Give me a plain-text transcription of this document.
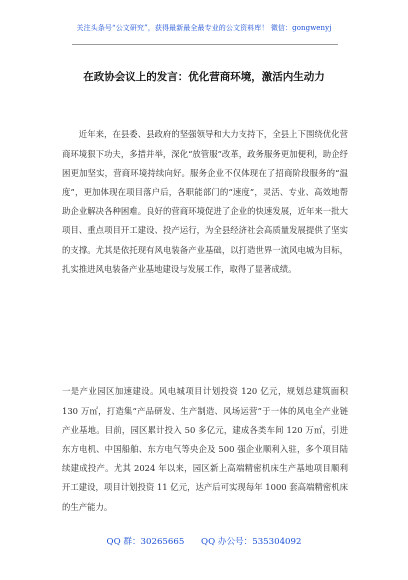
关注头条号“公文研究”，获得最新最全最专业的公文资料库！ 微信：gongwenyj
在政协会议上的发言：优化营商环境，激活内生动力

近年来，在县委、县政府的坚强领导和大力支持下，全县上下围绕优化营商环境狠下功夫，多措并举，深化“放管服”改革，政务服务更加便利，助企纾困更加坚实，营商环境持续向好。服务企业不仅体现在了招商阶段服务的“温度”，更加体现在项目落户后，各职能部门的“速度”，灵活、专业、高效地帮助企业解决各种困难。良好的营商环境促进了企业的快速发展，近年来一批大项目、重点项目开工建设、投产运行，为全县经济社会高质量发展提供了坚实的支撑。尤其是依托现有风电装备产业基础，以打造世界一流风电城为目标，扎实推进风电装备产业基地建设与发展工作，取得了显著成绩。

一是产业园区加速建设。风电城项目计划投资 120 亿元，规划总建筑面积 130 万㎡，打造集“产品研发、生产制造、风场运营”于一体的风电全产业链产业基地。目前，园区累计投入 50 多亿元，建成各类车间 120 万㎡，引进东方电机、中国船舶、东方电气等央企及 500 强企业顺利入驻，多个项目陆续建成投产。尤其 2024 年以来，园区新上高端精密机床生产基地项目顺利开工建设，项目计划投资 11 亿元，达产后可实现每年 1000 套高端精密机床的生产能力。

QQ 群：30265665 QQ 办公号：535304092
